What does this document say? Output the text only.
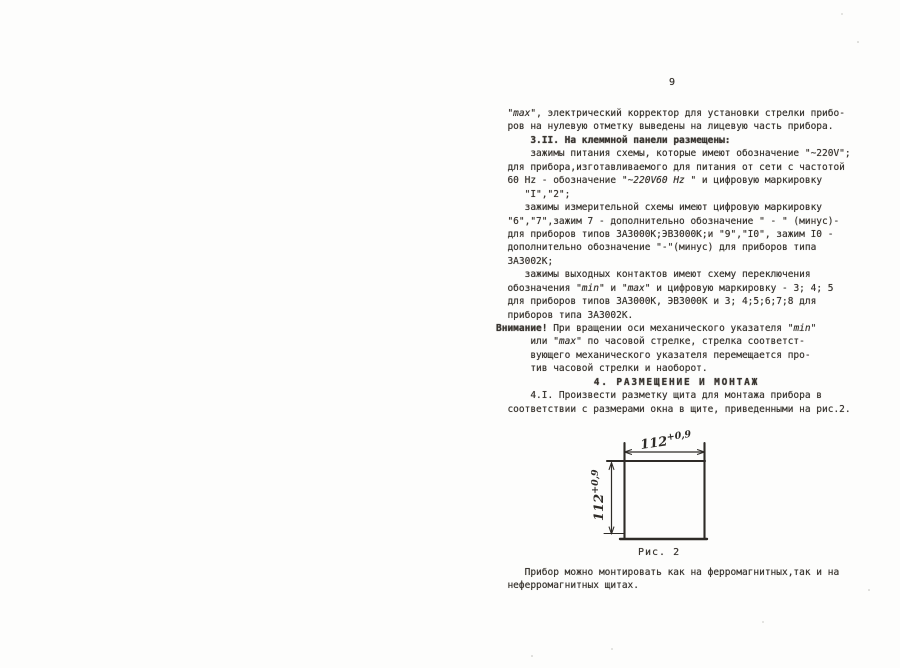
9
"max", электрический корректор для установки стрелки прибо-
ров на нулевую отметку выведены на лицевую часть прибора.
3.II. На клеммной панели размещены:
зажимы питания схемы, которые имеют обозначение "~220V";
для прибора,изготавливаемого для питания от сети с частотой
60 Hz - обозначение "~220V60 Hz " и цифровую маркировку
"I","2";
зажимы измерительной схемы имеют цифровую маркировку
"6","7",зажим 7 - дополнительно обозначение " - " (минус)-
для приборов типов ЗА3000К;ЭВ3000К;и "9","I0", зажим I0 -
дополнительно обозначение "-"(минус) для приборов типа
ЗА3002К;
зажимы выходных контактов имеют схему переключения
обозначения "min" и "max" и цифровую маркировку - 3; 4; 5
для приборов типов ЗА3000К, ЭВ3000К и 3; 4;5;6;7;8 для
приборов типа ЗА3002К.
Внимание! При вращении оси механического указателя "min"
или "max" по часовой стрелке, стрелка соответст-
вующего механического указателя перемещается про-
тив часовой стрелки и наоборот.
4. РАЗМЕЩЕНИЕ И МОНТАЖ
4.I. Произвести разметку щита для монтажа прибора в
соответствии с размерами окна в щите, приведенными на рис.2.
$112^{+0,9}$
$112^{+0,9}$
Рис. 2
Прибор можно монтировать как на ферромагнитных,так и на
неферромагнитных щитах.
